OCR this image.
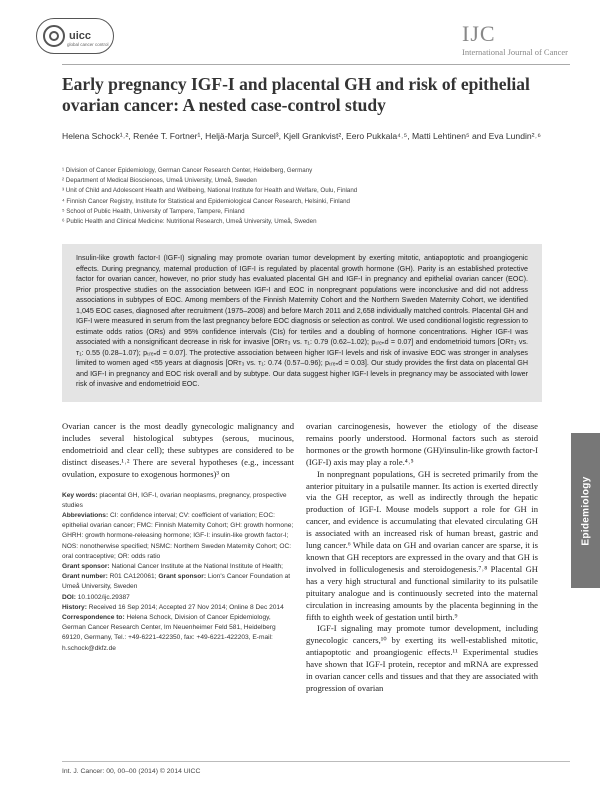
uicc
global cancer control	IJC
International Journal of Cancer
Early pregnancy IGF-I and placental GH and risk of epithelial ovarian cancer: A nested case-control study
Helena Schock¹˒², Renée T. Fortner¹, Heljä-Marja Surcel³, Kjell Grankvist², Eero Pukkala⁴˒⁵, Matti Lehtinen⁵ and Eva Lundin²˒⁶
¹ Division of Cancer Epidemiology, German Cancer Research Center, Heidelberg, Germany
² Department of Medical Biosciences, Umeå University, Umeå, Sweden
³ Unit of Child and Adolescent Health and Wellbeing, National Institute for Health and Welfare, Oulu, Finland
⁴ Finnish Cancer Registry, Institute for Statistical and Epidemiological Cancer Research, Helsinki, Finland
⁵ School of Public Health, University of Tampere, Tampere, Finland
⁶ Public Health and Clinical Medicine: Nutritional Research, Umeå University, Umeå, Sweden
Insulin-like growth factor-I (IGF-I) signaling may promote ovarian tumor development by exerting mitotic, antiapoptotic and proangiogenic effects. During pregnancy, maternal production of IGF-I is regulated by placental growth hormone (GH). Parity is an established protective factor for ovarian cancer, however, no prior study has evaluated placental GH and IGF-I in pregnancy and epithelial ovarian cancer (EOC). Prior prospective studies on the association between IGF-I and EOC in nonpregnant populations were inconclusive and did not address associations in subtypes of EOC. Among members of the Finnish Maternity Cohort and the Northern Sweden Maternity Cohort, we identified 1,045 EOC cases, diagnosed after recruitment (1975–2008) and before March 2011 and 2,658 individually matched controls. Placental GH and IGF-I were measured in serum from the last pregnancy before EOC diagnosis or selection as control. We used conditional logistic regression to estimate odds ratios (ORs) and 95% confidence intervals (CIs) for tertiles and a doubling of hormone concentrations. Higher IGF-I was associated with a nonsignificant decrease in risk for invasive [ORᴛ₃ vs. ᴛ₁: 0.79 (0.62–1.02); pₜᵣₑₙd = 0.07] and endometrioid tumors [ORᴛ₃ vs. ᴛ₁: 0.55 (0.28–1.07); pₜᵣₑₙd = 0.07]. The protective association between higher IGF-I levels and risk of invasive EOC was stronger in analyses limited to women aged <55 years at diagnosis [ORᴛ₃ vs. ᴛ₁: 0.74 (0.57–0.96); pₜᵣₑₙd = 0.03]. Our study provides the first data on placental GH and IGF-I in pregnancy and EOC risk overall and by subtype. Our data suggest higher IGF-I levels in pregnancy may be associated with lower risk of invasive and endometrioid EOC.

Ovarian cancer is the most deadly gynecologic malignancy and includes several histological subtypes (serous, mucinous, endometrioid and clear cell); these subtypes are considered to be distinct diseases.¹˒² There are several hypotheses (e.g., incessant ovulation, exposure to exogenous hormones)³ on

Key words: placental GH, IGF-I, ovarian neoplasms, pregnancy, prospective studies
Abbreviations: CI: confidence interval; CV: coefficient of variation; EOC: epithelial ovarian cancer; FMC: Finnish Maternity Cohort; GH: growth hormone; GHRH: growth hormone-releasing hormone; IGF-I: insulin-like growth factor-I; NOS: nonotherwise specified; NSMC: Northern Sweden Maternity Cohort; OC: oral contraceptive; OR: odds ratio
Grant sponsor: National Cancer Institute at the National Institute of Health; Grant number: R01 CA120061; Grant sponsor: Lion's Cancer Foundation at Umeå University, Sweden
DOI: 10.1002/ijc.29387
History: Received 16 Sep 2014; Accepted 27 Nov 2014; Online 8 Dec 2014
Correspondence to: Helena Schock, Division of Cancer Epidemiology, German Cancer Research Center, Im Neuenheimer Feld 581, Heidelberg 69120, Germany, Tel.: +49-6221-422350, fax: +49-6221-422203, E-mail: h.schock@dkfz.de

ovarian carcinogenesis, however the etiology of the disease remains poorly understood. Hormonal factors such as steroid hormones or the growth hormone (GH)/insulin-like growth factor-I (IGF-I) axis may play a role.⁴˒⁵

In nonpregnant populations, GH is secreted primarily from the anterior pituitary in a pulsatile manner. Its action is exerted directly via the GH receptor, as well as indirectly through the hepatic production of IGF-I. Mouse models support a role for GH in cancer, and evidence is accumulating that elevated circulating GH is associated with an increased risk of human breast, gastric and lung cancer.⁶ While data on GH and ovarian cancer are sparse, it is known that GH receptors are expressed in the ovary and that GH is involved in folliculogenesis and steroidogenesis.⁷˒⁸ Placental GH has a very high structural and functional similarity to its pulsatile pituitary analogue and is continuously secreted into the maternal circulation in increasing amounts by the placenta beginning in the fifth to eighth week of gestation until birth.⁹

IGF-I signaling may promote tumor development, including gynecologic cancers,¹⁰ by exerting its well-established mitotic, antiapoptotic and proangiogenic effects.¹¹ Experimental studies have shown that IGF-I protein, receptor and mRNA are expressed in ovarian cancer cells and tissues and that they are associated with progression of ovarian

Epidemiology
Int. J. Cancer: 00, 00–00 (2014) © 2014 UICC
